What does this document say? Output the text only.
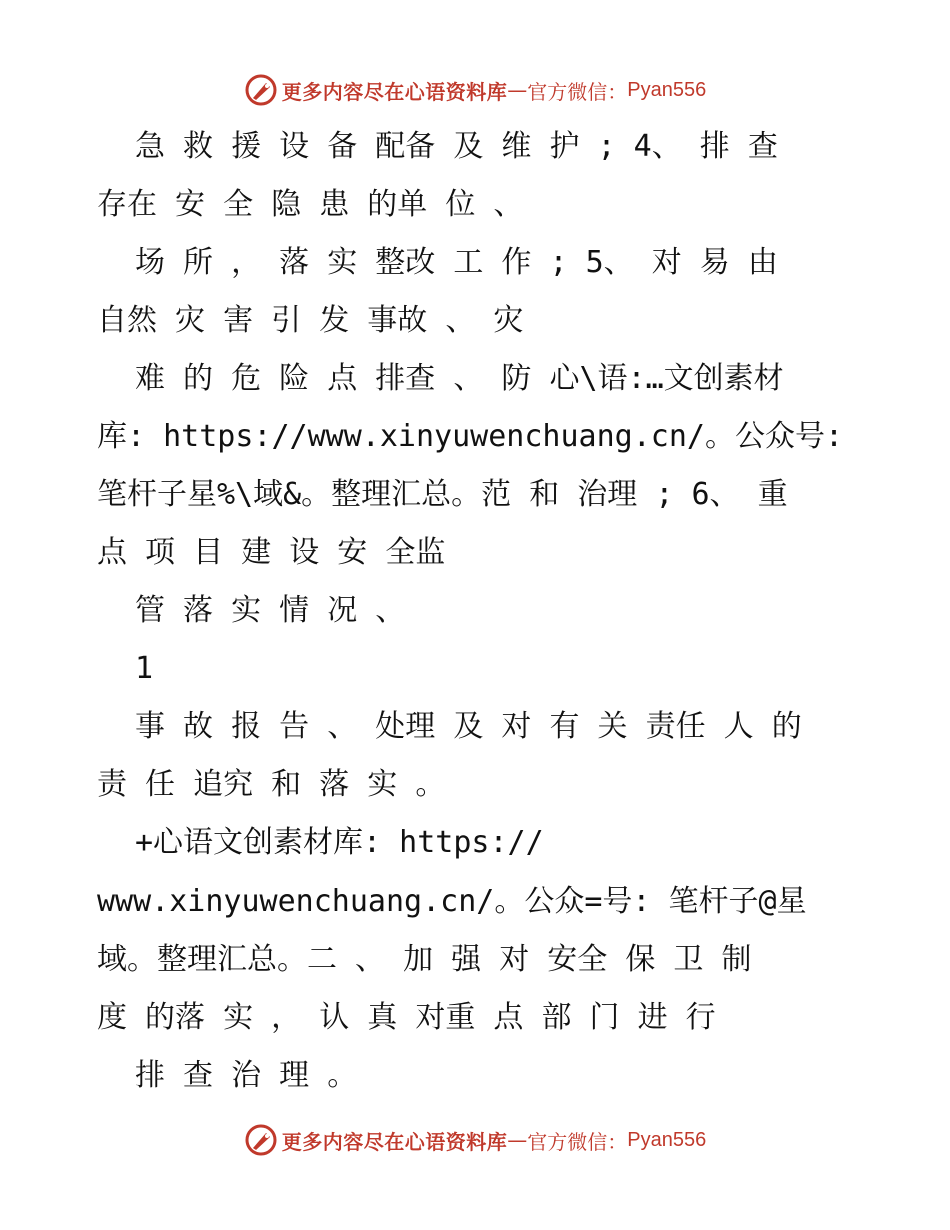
更多内容尽在心语资料库 — 官方微信： Pyan556
急 救 援 设 备 配备 及 维 护 ; 4、 排 查
存在 安 全 隐 患 的单 位 、
场 所 ， 落 实 整改 工 作 ; 5、 对 易 由
自然 灾 害 引 发 事故 、 灾
难 的 危 险 点 排查 、 防 心\语:…文创素材
库: https://www.xinyuwenchuang.cn/。公众号:
笔杆子星%\域&。整理汇总。范 和 治理 ; 6、 重
点 项 目 建 设 安 全监
管 落 实 情 况 、
1
事 故 报 告 、 处理 及 对 有 关 责任 人 的
责 任 追究 和 落 实 。
+心语文创素材库: https://
www.xinyuwenchuang.cn/。公众=号: 笔杆子@星
域。整理汇总。二 、 加 强 对 安全 保 卫 制
度 的落 实 ， 认 真 对重 点 部 门 进 行
排 查 治 理 。
更多内容尽在心语资料库 — 官方微信： Pyan556
